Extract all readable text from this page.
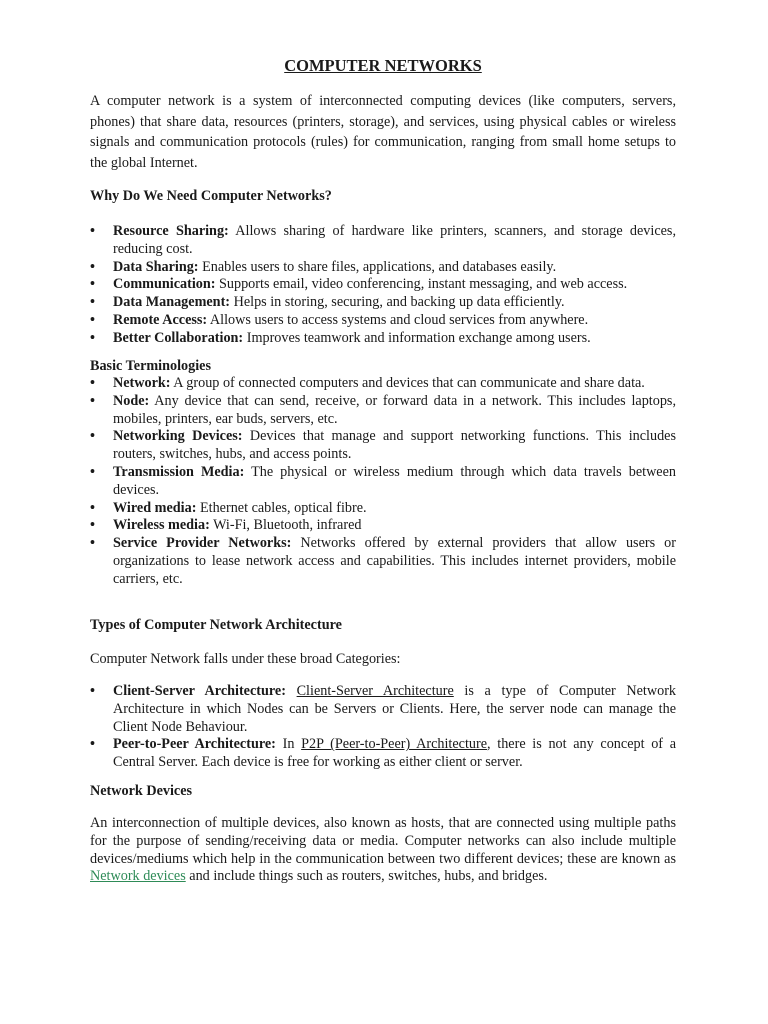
COMPUTER NETWORKS

A computer network is a system of interconnected computing devices (like computers, servers, phones) that share data, resources (printers, storage), and services, using physical cables or wireless signals and communication protocols (rules) for communication, ranging from small home setups to the global Internet.

Why Do We Need Computer Networks?

• Resource Sharing: Allows sharing of hardware like printers, scanners, and storage devices, reducing cost.
• Data Sharing: Enables users to share files, applications, and databases easily.
• Communication: Supports email, video conferencing, instant messaging, and web access.
• Data Management: Helps in storing, securing, and backing up data efficiently.
• Remote Access: Allows users to access systems and cloud services from anywhere.
• Better Collaboration: Improves teamwork and information exchange among users.

Basic Terminologies

• Network: A group of connected computers and devices that can communicate and share data.
• Node: Any device that can send, receive, or forward data in a network. This includes laptops, mobiles, printers, ear buds, servers, etc.
• Networking Devices: Devices that manage and support networking functions. This includes routers, switches, hubs, and access points.
• Transmission Media: The physical or wireless medium through which data travels between devices.
• Wired media: Ethernet cables, optical fibre.
• Wireless media: Wi-Fi, Bluetooth, infrared
• Service Provider Networks: Networks offered by external providers that allow users or organizations to lease network access and capabilities. This includes internet providers, mobile carriers, etc.

Types of Computer Network Architecture

Computer Network falls under these broad Categories:

• Client-Server Architecture: Client-Server Architecture is a type of Computer Network Architecture in which Nodes can be Servers or Clients. Here, the server node can manage the Client Node Behaviour.
• Peer-to-Peer Architecture: In P2P (Peer-to-Peer) Architecture, there is not any concept of a Central Server. Each device is free for working as either client or server.

Network Devices

An interconnection of multiple devices, also known as hosts, that are connected using multiple paths for the purpose of sending/receiving data or media. Computer networks can also include multiple devices/mediums which help in the communication between two different devices; these are known as Network devices and include things such as routers, switches, hubs, and bridges.
